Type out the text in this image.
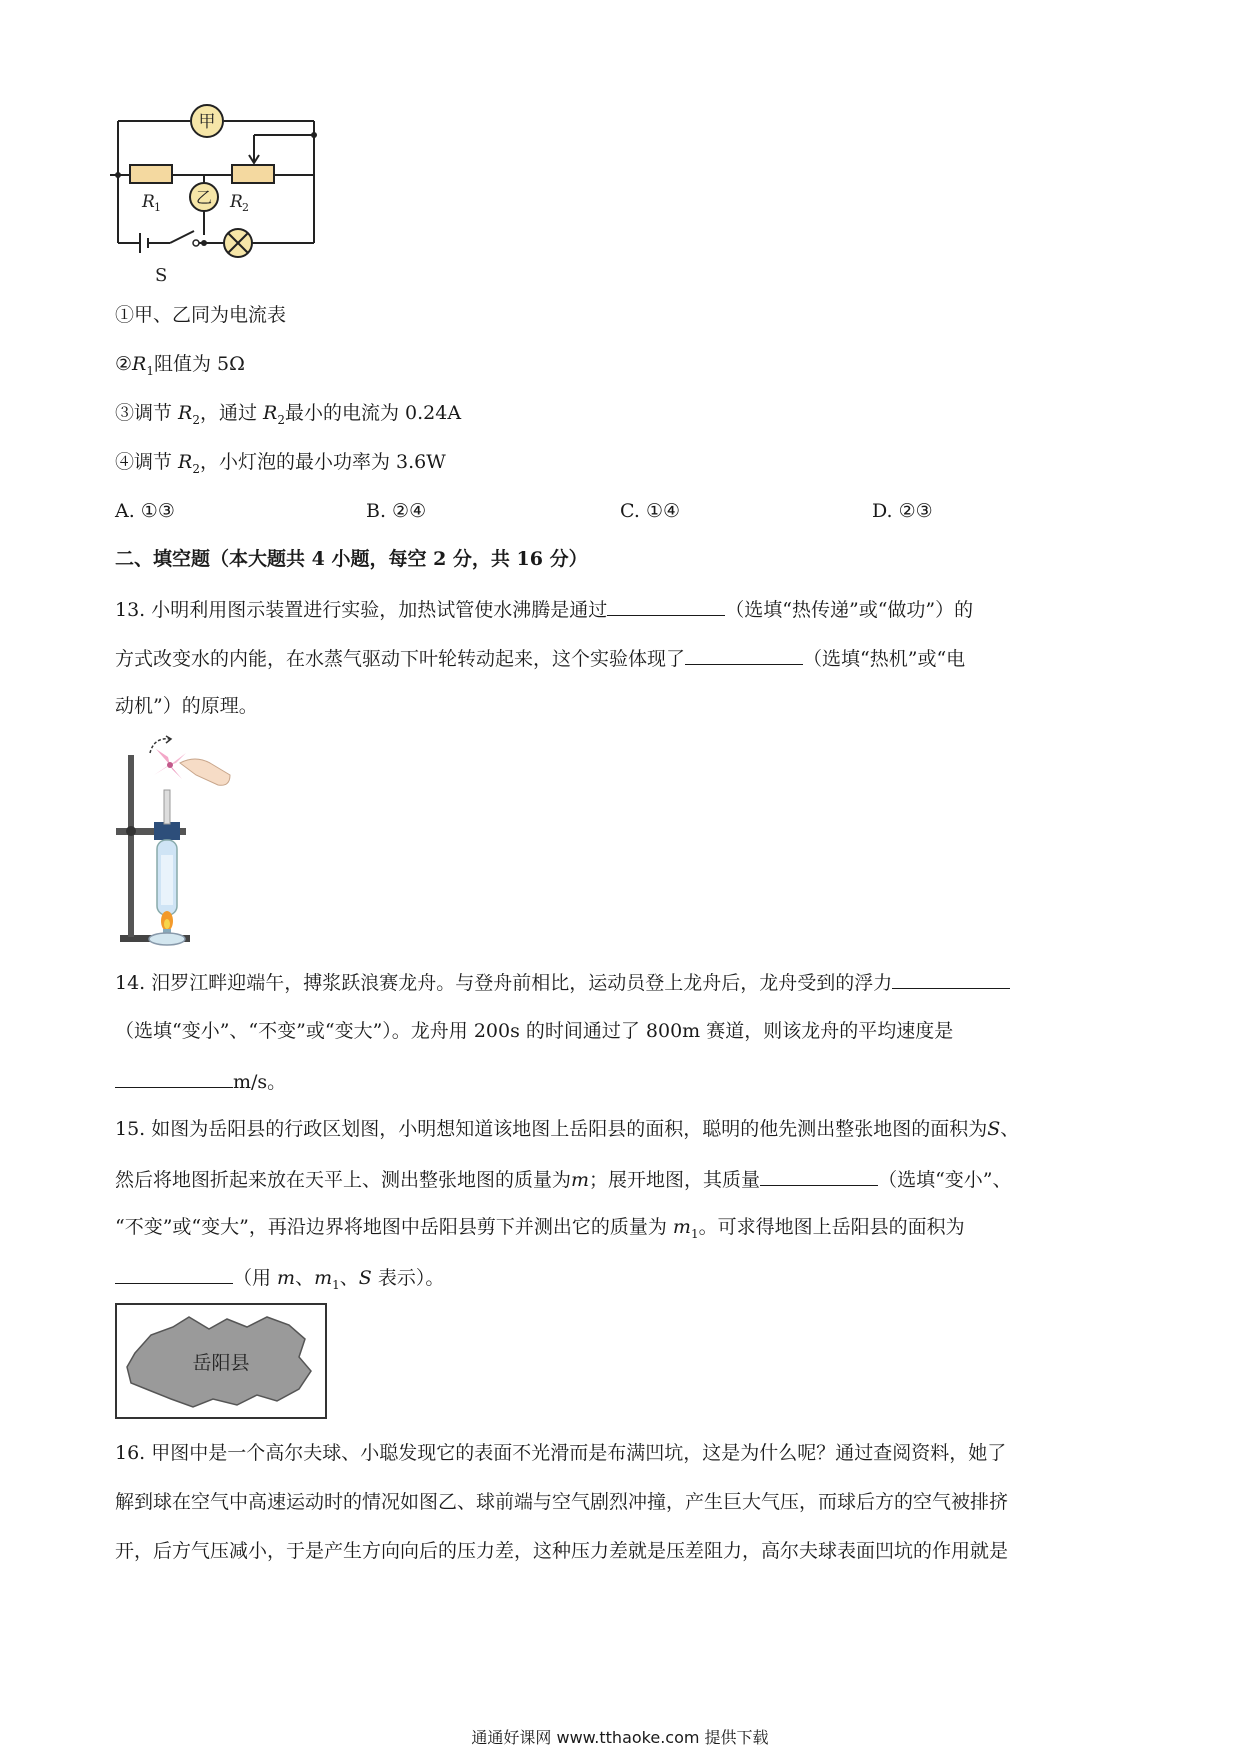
甲
乙
R 1	R 2
S
①甲、乙同为电流表
$②R_1$阻值为 5Ω
③调节 $R_2$，通过 $R_2$最小的电流为 0.24A
④调节 $R_2$，小灯泡的最小功率为 3.6W
A. ①③	B. ②④	C. ①④	D. ②③
二、填空题（本大题共 4 小题，每空 2 分，共 16 分）
13. 小明利用图示装置进行实验，加热试管使水沸腾是通过	（选填“热传递”或“做功”）的
方式改变水的内能，在水蒸气驱动下叶轮转动起来，这个实验体现了	（选填“热机”或“电
动机”）的原理。
14. 汨罗江畔迎端午，搏浆跃浪赛龙舟。与登舟前相比，运动员登上龙舟后，龙舟受到的浮力
（选填“变小”、“不变”或“变大”）。龙舟用 200s 的时间通过了 800m 赛道，则该龙舟的平均速度是
m/s。
15. 如图为岳阳县的行政区划图，小明想知道该地图上岳阳县的面积，聪明的他先测出整张地图的面积为S、
然后将地图折起来放在天平上、测出整张地图的质量为m；展开地图，其质量	（选填“变小”、
“不变”或“变大”，再沿边界将地图中岳阳县剪下并测出它的质量为 $m_1$。可求得地图上岳阳县的面积为
（用 m、$m_1$、S 表示）。
岳阳县
16. 甲图中是一个高尔夫球、小聪发现它的表面不光滑而是布满凹坑，这是为什么呢？通过查阅资料，她了
解到球在空气中高速运动时的情况如图乙、球前端与空气剧烈冲撞，产生巨大气压，而球后方的空气被排挤
开，后方气压减小，于是产生方向向后的压力差，这种压力差就是压差阻力，高尔夫球表面凹坑的作用就是
通通好课网 www.tthaoke.com 提供下载
